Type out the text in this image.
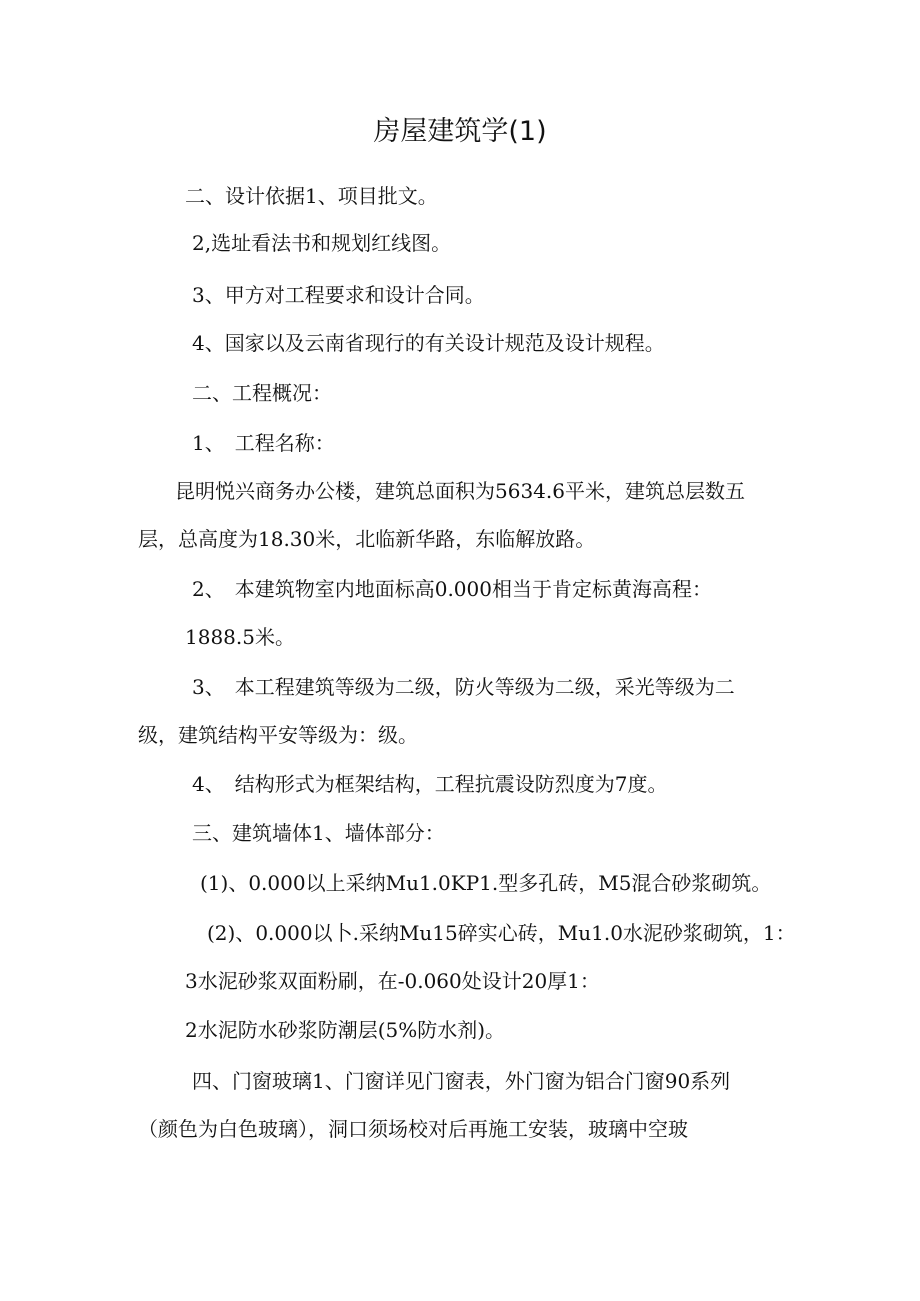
房屋建筑学(1)
二、设计依据1、项目批文。
2,选址看法书和规划红线图。
3、甲方对工程要求和设计合同。
4、国家以及云南省现行的有关设计规范及设计规程。
二、工程概况：
1、　工程名称：
昆明悦兴商务办公楼，建筑总面积为5634.6平米，建筑总层数五
层，总高度为18.30米，北临新华路，东临解放路。
2、　本建筑物室内地面标高0.000相当于肯定标黄海高程：
1888.5米。
3、　本工程建筑等级为二级，防火等级为二级，采光等级为二
级，建筑结构平安等级为：级。
4、　结构形式为框架结构，工程抗震设防烈度为7度。
三、建筑墙体1、墙体部分：
(1)、0.000以上采纳Mu1.0KP1.型多孔砖，M5混合砂浆砌筑。
(2)、0.000以卜.采纳Mu15碎实心砖，Mu1.0水泥砂浆砌筑，1：
3水泥砂浆双面粉刷，在-0.060处设计20厚1：
2水泥防水砂浆防潮层(5%防水剂)。
四、门窗玻璃1、门窗详见门窗表，外门窗为铝合门窗90系列
（颜色为白色玻璃），洞口须场校对后再施工安装，玻璃中空玻
